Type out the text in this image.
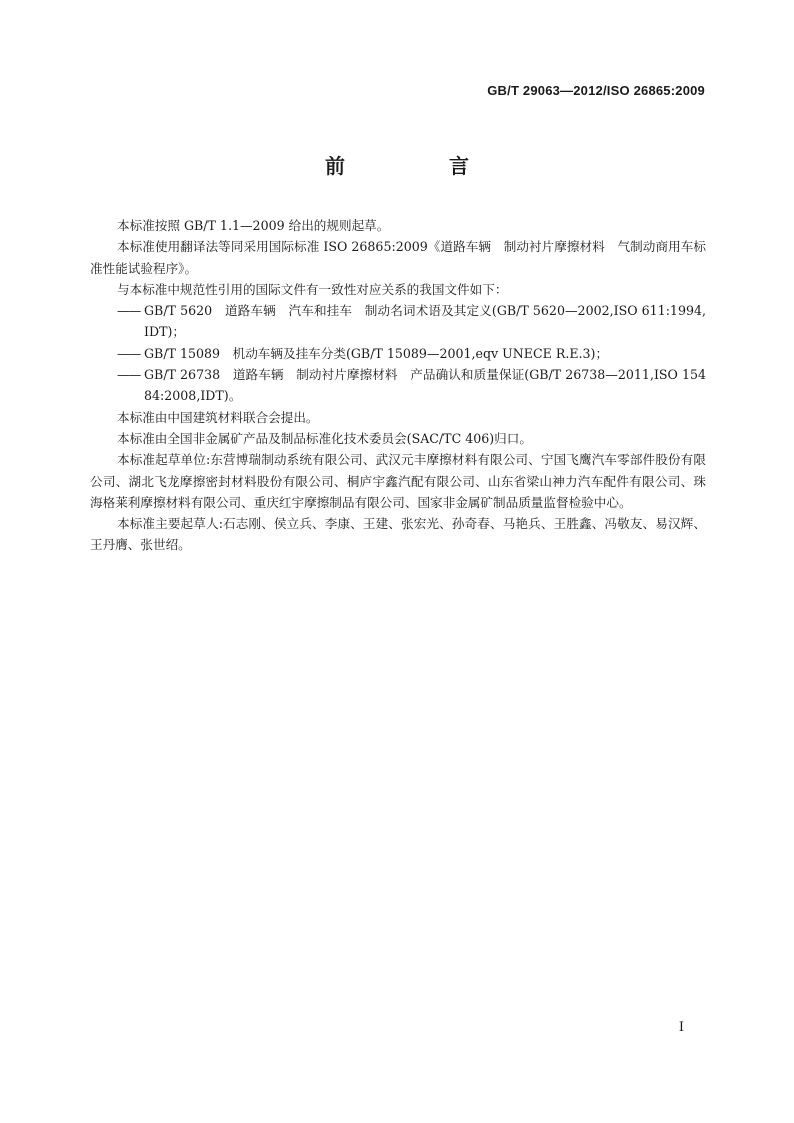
GB/T 29063—2012/ISO 26865:2009
前　言

本标准按照 GB/T 1.1—2009 给出的规则起草。

本标准使用翻译法等同采用国际标准 ISO 26865:2009《道路车辆　制动衬片摩擦材料　气制动商用车标准性能试验程序》。

与本标准中规范性引用的国际文件有一致性对应关系的我国文件如下：

—— GB/T 5620　道路车辆　汽车和挂车　制动名词术语及其定义(GB/T 5620—2002,ISO 611:1994,IDT)；

—— GB/T 15089　机动车辆及挂车分类(GB/T 15089—2001,eqv UNECE R.E.3)；

—— GB/T 26738　道路车辆　制动衬片摩擦材料　产品确认和质量保证(GB/T 26738—2011,ISO 15484:2008,IDT)。

本标准由中国建筑材料联合会提出。

本标准由全国非金属矿产品及制品标准化技术委员会(SAC/TC 406)归口。

本标准起草单位:东营博瑞制动系统有限公司、武汉元丰摩擦材料有限公司、宁国飞鹰汽车零部件股份有限公司、湖北飞龙摩擦密封材料股份有限公司、桐庐宇鑫汽配有限公司、山东省梁山神力汽车配件有限公司、珠海格莱利摩擦材料有限公司、重庆红宇摩擦制品有限公司、国家非金属矿制品质量监督检验中心。

本标准主要起草人:石志刚、侯立兵、李康、王建、张宏光、孙奇春、马艳兵、王胜鑫、冯敬友、易汉辉、王丹膺、张世绍。

I
